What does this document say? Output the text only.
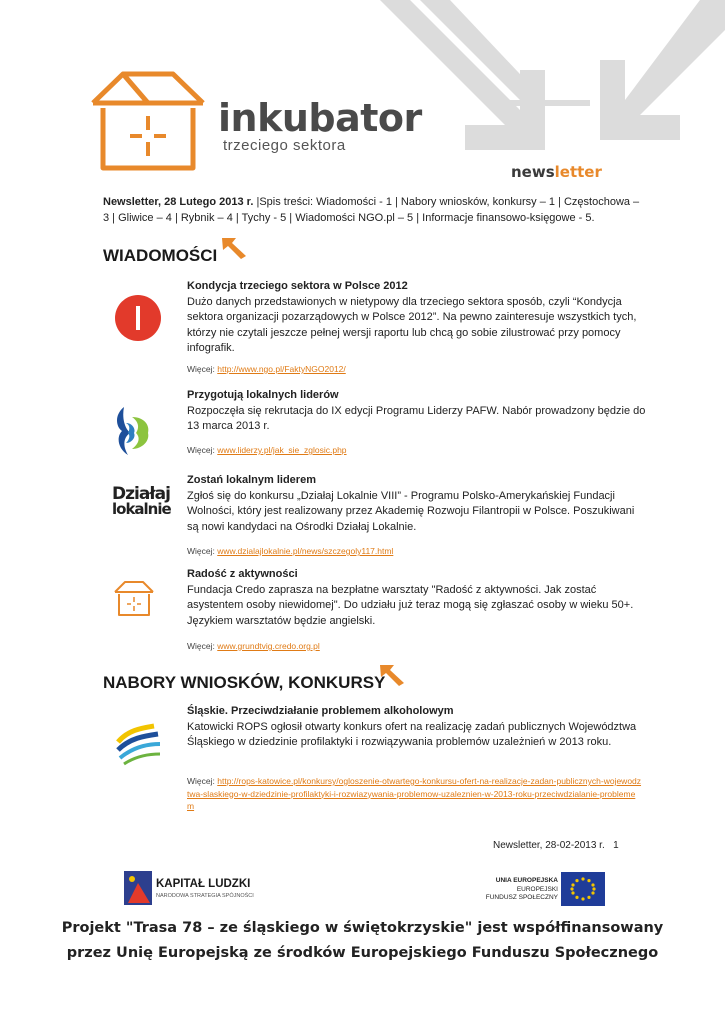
inkubator
trzeciego sektora
newsletter
Newsletter, 28 Lutego 2013 r. |Spis treści: Wiadomości - 1 | Nabory wniosków, konkursy – 1 | Częstochowa – 3 | Gliwice – 4 | Rybnik – 4 | Tychy - 5 | Wiadomości NGO.pl – 5 | Informacje finansowo-księgowe - 5.
WIADOMOŚCI
Kondycja trzeciego sektora w Polsce 2012
Dużo danych przedstawionych w nietypowy dla trzeciego sektora sposób, czyli “Kondycja sektora organizacji pozarządowych w Polsce 2012”. Na pewno zainteresuje wszystkich tych, którzy nie czytali jeszcze pełnej wersji raportu lub chcą go sobie zilustrować przy pomocy infografik.
Więcej: http://www.ngo.pl/FaktyNGO2012/
Przygotują lokalnych liderów
Rozpoczęła się rekrutacja do IX edycji Programu Liderzy PAFW. Nabór prowadzony będzie do 13 marca 2013 r.
Więcej: www.liderzy.pl/jak_sie_zglosic.php
Działaj
lokalnie
Zostań lokalnym liderem
Zgłoś się do konkursu „Działaj Lokalnie VIII” - Programu Polsko-Amerykańskiej Fundacji Wolności, który jest realizowany przez Akademię Rozwoju Filantropii w Polsce. Poszukiwani są nowi kandydaci na Ośrodki Działaj Lokalnie.
Więcej: www.dzialajlokalnie.pl/news/szczegoly117.html
Radość z aktywności
Fundacja Credo zaprasza na bezpłatne warsztaty "Radość z aktywności. Jak zostać asystentem osoby niewidomej". Do udziału już teraz mogą się zgłaszać osoby w wieku 50+. Językiem warsztatów będzie angielski.
Więcej: www.grundtvig.credo.org.pl
NABORY WNIOSKÓW, KONKURSY
Śląskie. Przeciwdziałanie problemem alkoholowym
Katowicki ROPS ogłosił otwarty konkurs ofert na realizację zadań publicznych Województwa Śląskiego w dziedzinie profilaktyki i rozwiązywania problemów uzależnień w 2013 roku.
Więcej: http://rops-katowice.pl/konkursy/ogloszenie-otwartego-konkursu-ofert-na-realizacje-zadan-publicznych-wojewodztwa-slaskiego-w-dziedzinie-profilaktyki-i-rozwiazywania-problemow-uzaleznien-w-2013-roku-przeciwdzialanie-problemem
Newsletter, 28-02-2013 r.   1
KAPITAŁ LUDZKI
NARODOWA STRATEGIA SPÓJNOŚCI
UNIA EUROPEJSKA
EUROPEJSKI
FUNDUSZ SPOŁECZNY
Projekt "Trasa 78 – ze śląskiego w świętokrzyskie" jest współfinansowany
przez Unię Europejską ze środków Europejskiego Funduszu Społecznego
